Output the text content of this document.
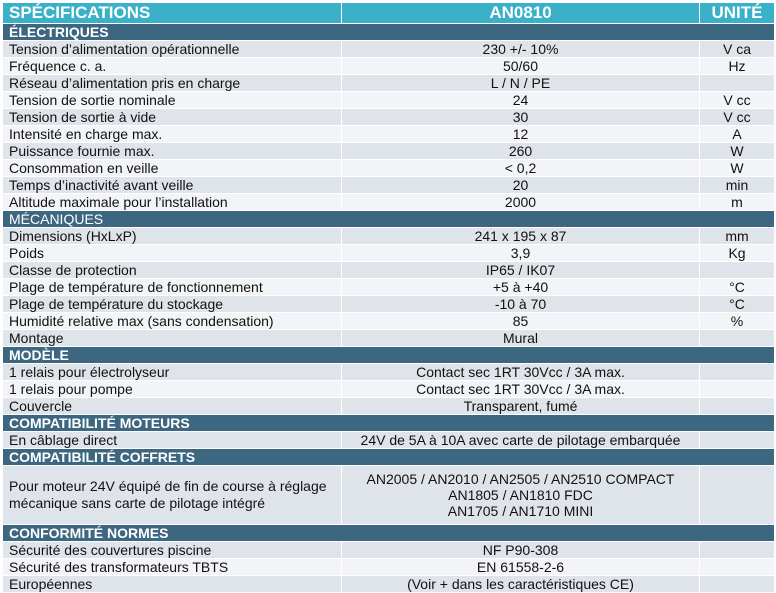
SPÉCIFICATIONS	AN0810	UNITÉ
ÉLECTRIQUES		
Tension d’alimentation opérationnelle	230 +/- 10%	V ca
Fréquence c. a.	50/60	Hz
Réseau d’alimentation pris en charge	L / N / PE	
Tension de sortie nominale	24	V cc
Tension de sortie à vide	30	V cc
Intensité en charge max.	12	A
Puissance fournie max.	260	W
Consommation en veille	< 0,2	W
Temps d’inactivité avant veille	20	min
Altitude maximale pour l’installation	2000	m
MÉCANIQUES		
Dimensions (HxLxP)	241 x 195 x 87	mm
Poids	3,9	Kg
Classe de protection	IP65 / IK07	
Plage de température de fonctionnement	+5 à +40	°C
Plage de température du stockage	-10 à 70	°C
Humidité relative max (sans condensation)	85	%
Montage	Mural	
MODÈLE		
1 relais pour électrolyseur	Contact sec 1RT 30Vcc / 3A max.	
1 relais pour pompe	Contact sec 1RT 30Vcc / 3A max.	
Couvercle	Transparent, fumé	
COMPATIBILITÉ MOTEURS		
En câblage direct	24V de 5A à 10A avec carte de pilotage embarquée	
COMPATIBILITÉ COFFRETS		
Pour moteur 24V équipé de fin de course à réglage mécanique sans carte de pilotage intégré	AN2005 / AN2010 / AN2505 / AN2510 COMPACT
AN1805 / AN1810 FDC
AN1705 / AN1710 MINI	

CONFORMITÉ NORMES		
Sécurité des couvertures piscine	NF P90-308	
Sécurité des transformateurs TBTS	EN 61558-2-6	
Européennes	(Voir + dans les caractéristiques CE)	
